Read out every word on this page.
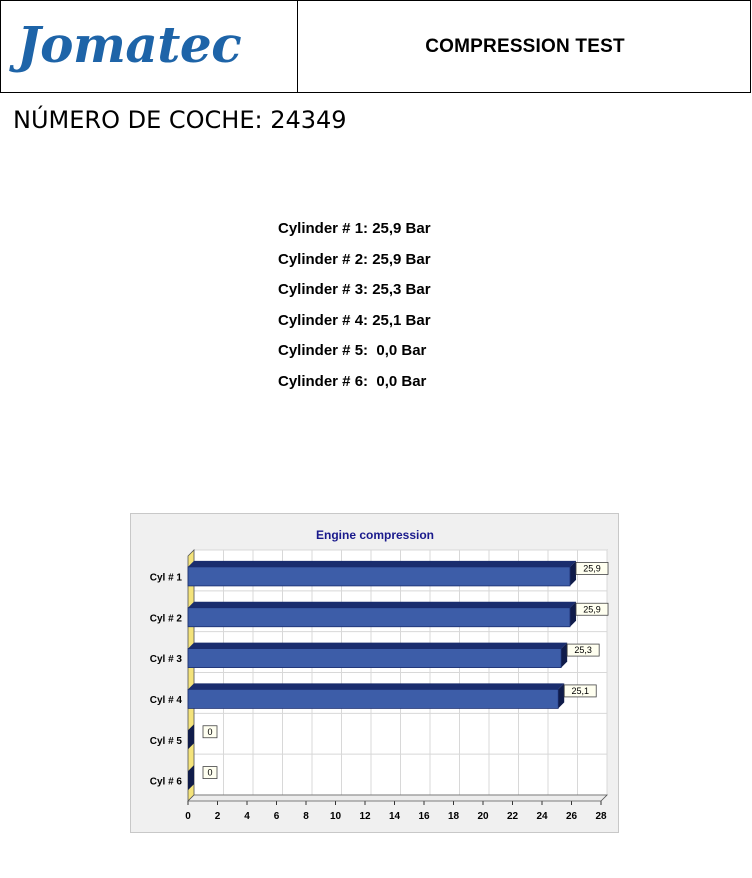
Jomatec	COMPRESSION TEST
NÚMERO DE COCHE: 24349
Cylinder # 1: 25,9 Bar
Cylinder # 2: 25,9 Bar
Cylinder # 3: 25,3 Bar
Cylinder # 4: 25,1 Bar
Cylinder # 5:  0,0 Bar
Cylinder # 6:  0,0 Bar
Engine compression
0 2 4 6 8 10 12 14 16 18 20 22 24 26 28
Cyl # 1
25,9
Cyl # 2
25,9
Cyl # 3
25,3
Cyl # 4
25,1
Cyl # 5
0
Cyl # 6
0
